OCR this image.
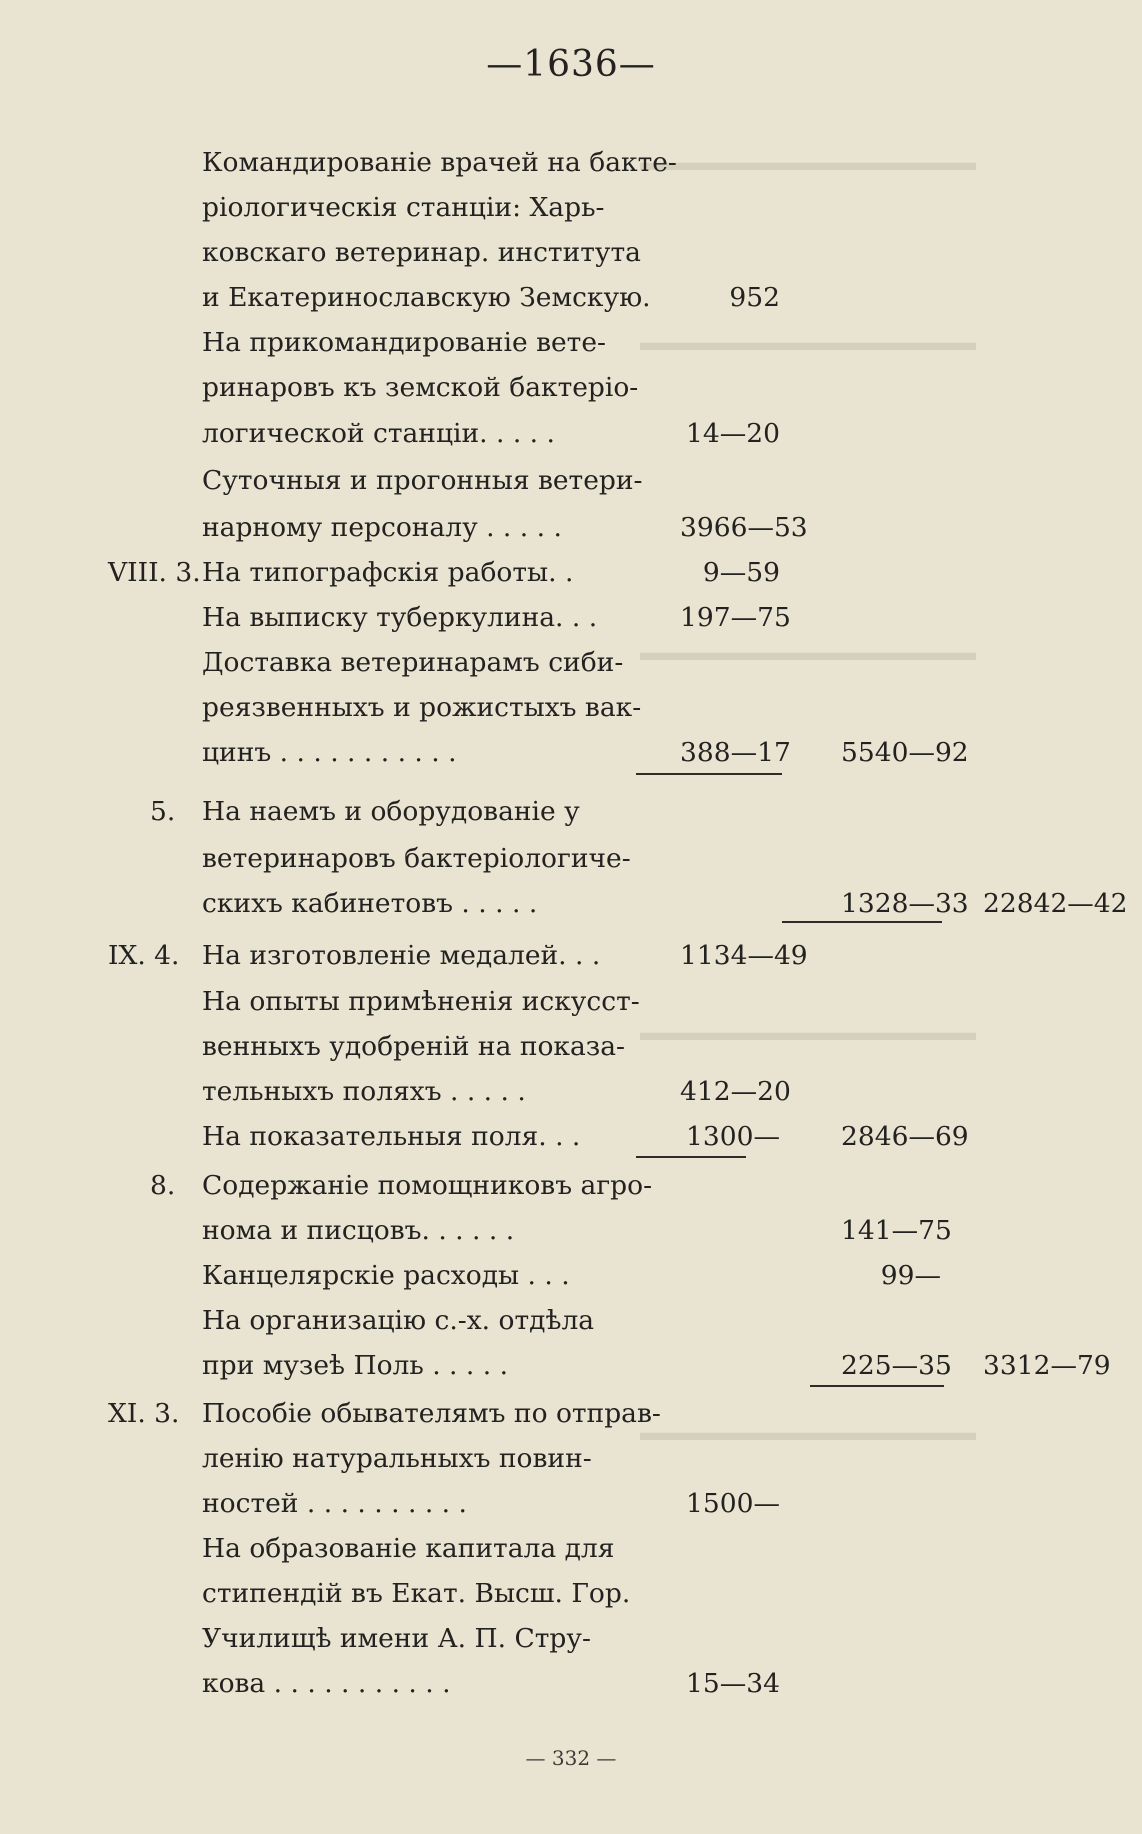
▬▬▬▬▬▬▬▬▬▬▬▬▬▬
▬▬▬▬▬▬▬▬▬▬▬▬▬▬
▬▬▬▬▬▬▬▬▬▬▬▬▬▬
▬▬▬▬▬▬▬▬▬▬▬▬▬▬
▬▬▬▬▬▬▬▬▬▬▬▬▬▬
—1636—
Командированіе врачей на бакте-
ріологическія станціи: Харь-
ковскаго ветеринар. института
и Екатеринославскую Земскую.	952
На прикомандированіе вете-
ринаровъ къ земской бактеріо-
логической станціи. . . . .	14—20
Суточныя и прогонныя ветери-
нарному персоналу . . . . .	3966—53
VIII. 3. На типографскія работы. .	9—59
На выписку туберкулина. . .	197—75
Доставка ветеринарамъ сиби-
реязвенныхъ и рожистыхъ вак-
цинъ . . . . . . . . . . .	388—17 5540—92
5. На наемъ и оборудованіе у
ветеринаровъ бактеріологиче-
скихъ кабинетовъ . . . . .	1328—33 22842—42
IX. 4. На изготовленіе медалей. . .	1134—49
На опыты примѣненія искусст-
венныхъ удобреній на показа-
тельныхъ поляхъ . . . . .	412—20
На показательныя поля. . .	1300— 2846—69
8. Содержаніе помощниковъ агро-
нома и писцовъ. . . . . .	141—75
Канцелярскіе расходы . . .	99—
На организацію с.-х. отдѣла
при музеѣ Поль . . . . .	225—35 3312—79
XI. 3. Пособіе обывателямъ по отправ-
ленію натуральныхъ повин-
ностей . . . . . . . . . .	1500—
На образованіе капитала для
стипендій въ Екат. Высш. Гор.
Училищѣ имени А. П. Стру-
кова . . . . . . . . . . .	15—34
— 332 —
